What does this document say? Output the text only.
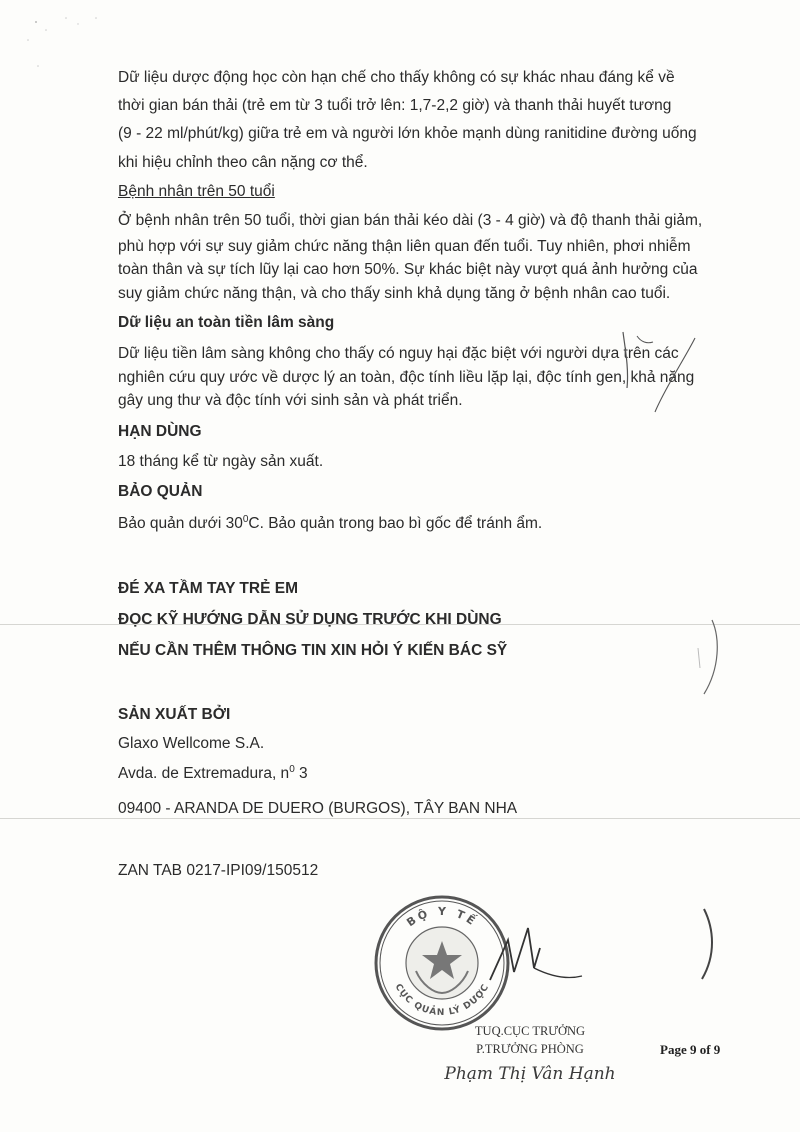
Dữ liệu dược động học còn hạn chế cho thấy không có sự khác nhau đáng kể về

thời gian bán thải (trẻ em từ 3 tuổi trở lên: 1,7-2,2 giờ) và thanh thải huyết tương

(9 - 22 ml/phút/kg) giữa trẻ em và người lớn khỏe mạnh dùng ranitidine đường uống

khi hiệu chỉnh theo cân nặng cơ thể.

Bệnh nhân trên 50 tuổi

Ở bệnh nhân trên 50 tuổi, thời gian bán thải kéo dài (3 - 4 giờ) và độ thanh thải giảm,

phù hợp với sự suy giảm chức năng thận liên quan đến tuổi. Tuy nhiên, phơi nhiễm

toàn thân và sự tích lũy lại cao hơn 50%. Sự khác biệt này vượt quá ảnh hưởng của

suy giảm chức năng thận, và cho thấy sinh khả dụng tăng ở bệnh nhân cao tuổi.

Dữ liệu an toàn tiền lâm sàng

Dữ liệu tiền lâm sàng không cho thấy có nguy hại đặc biệt với người dựa trên các

nghiên cứu quy ước về dược lý an toàn, độc tính liều lặp lại, độc tính gen, khả năng

gây ung thư và độc tính với sinh sản và phát triển.

HẠN DÙNG

18 tháng kể từ ngày sản xuất.

BẢO QUẢN

Bảo quản dưới $30^0C$. Bảo quản trong bao bì gốc để tránh ẩm.

ĐÉ XA TẦM TAY TRẺ EM

ĐỌC KỸ HƯỚNG DẪN SỬ DỤNG TRƯỚC KHI DÙNG

NẾU CẦN THÊM THÔNG TIN XIN HỎI Ý KIẾN BÁC SỸ

SẢN XUẤT BỞI

Glaxo Wellcome S.A.

Avda. de Extremadura, $n^0$ 3

09400 - ARANDA DE DUERO (BURGOS), TÂY BAN NHA

ZAN TAB 0217-IPI09/150512

BỘ Y TẾ
CỤC QUẢN LÝ DƯỢC
TUQ.CỤC TRƯỞNG
P.TRƯỞNG PHÒNG
Phạm Thị Vân Hạnh
Page 9 of 9
